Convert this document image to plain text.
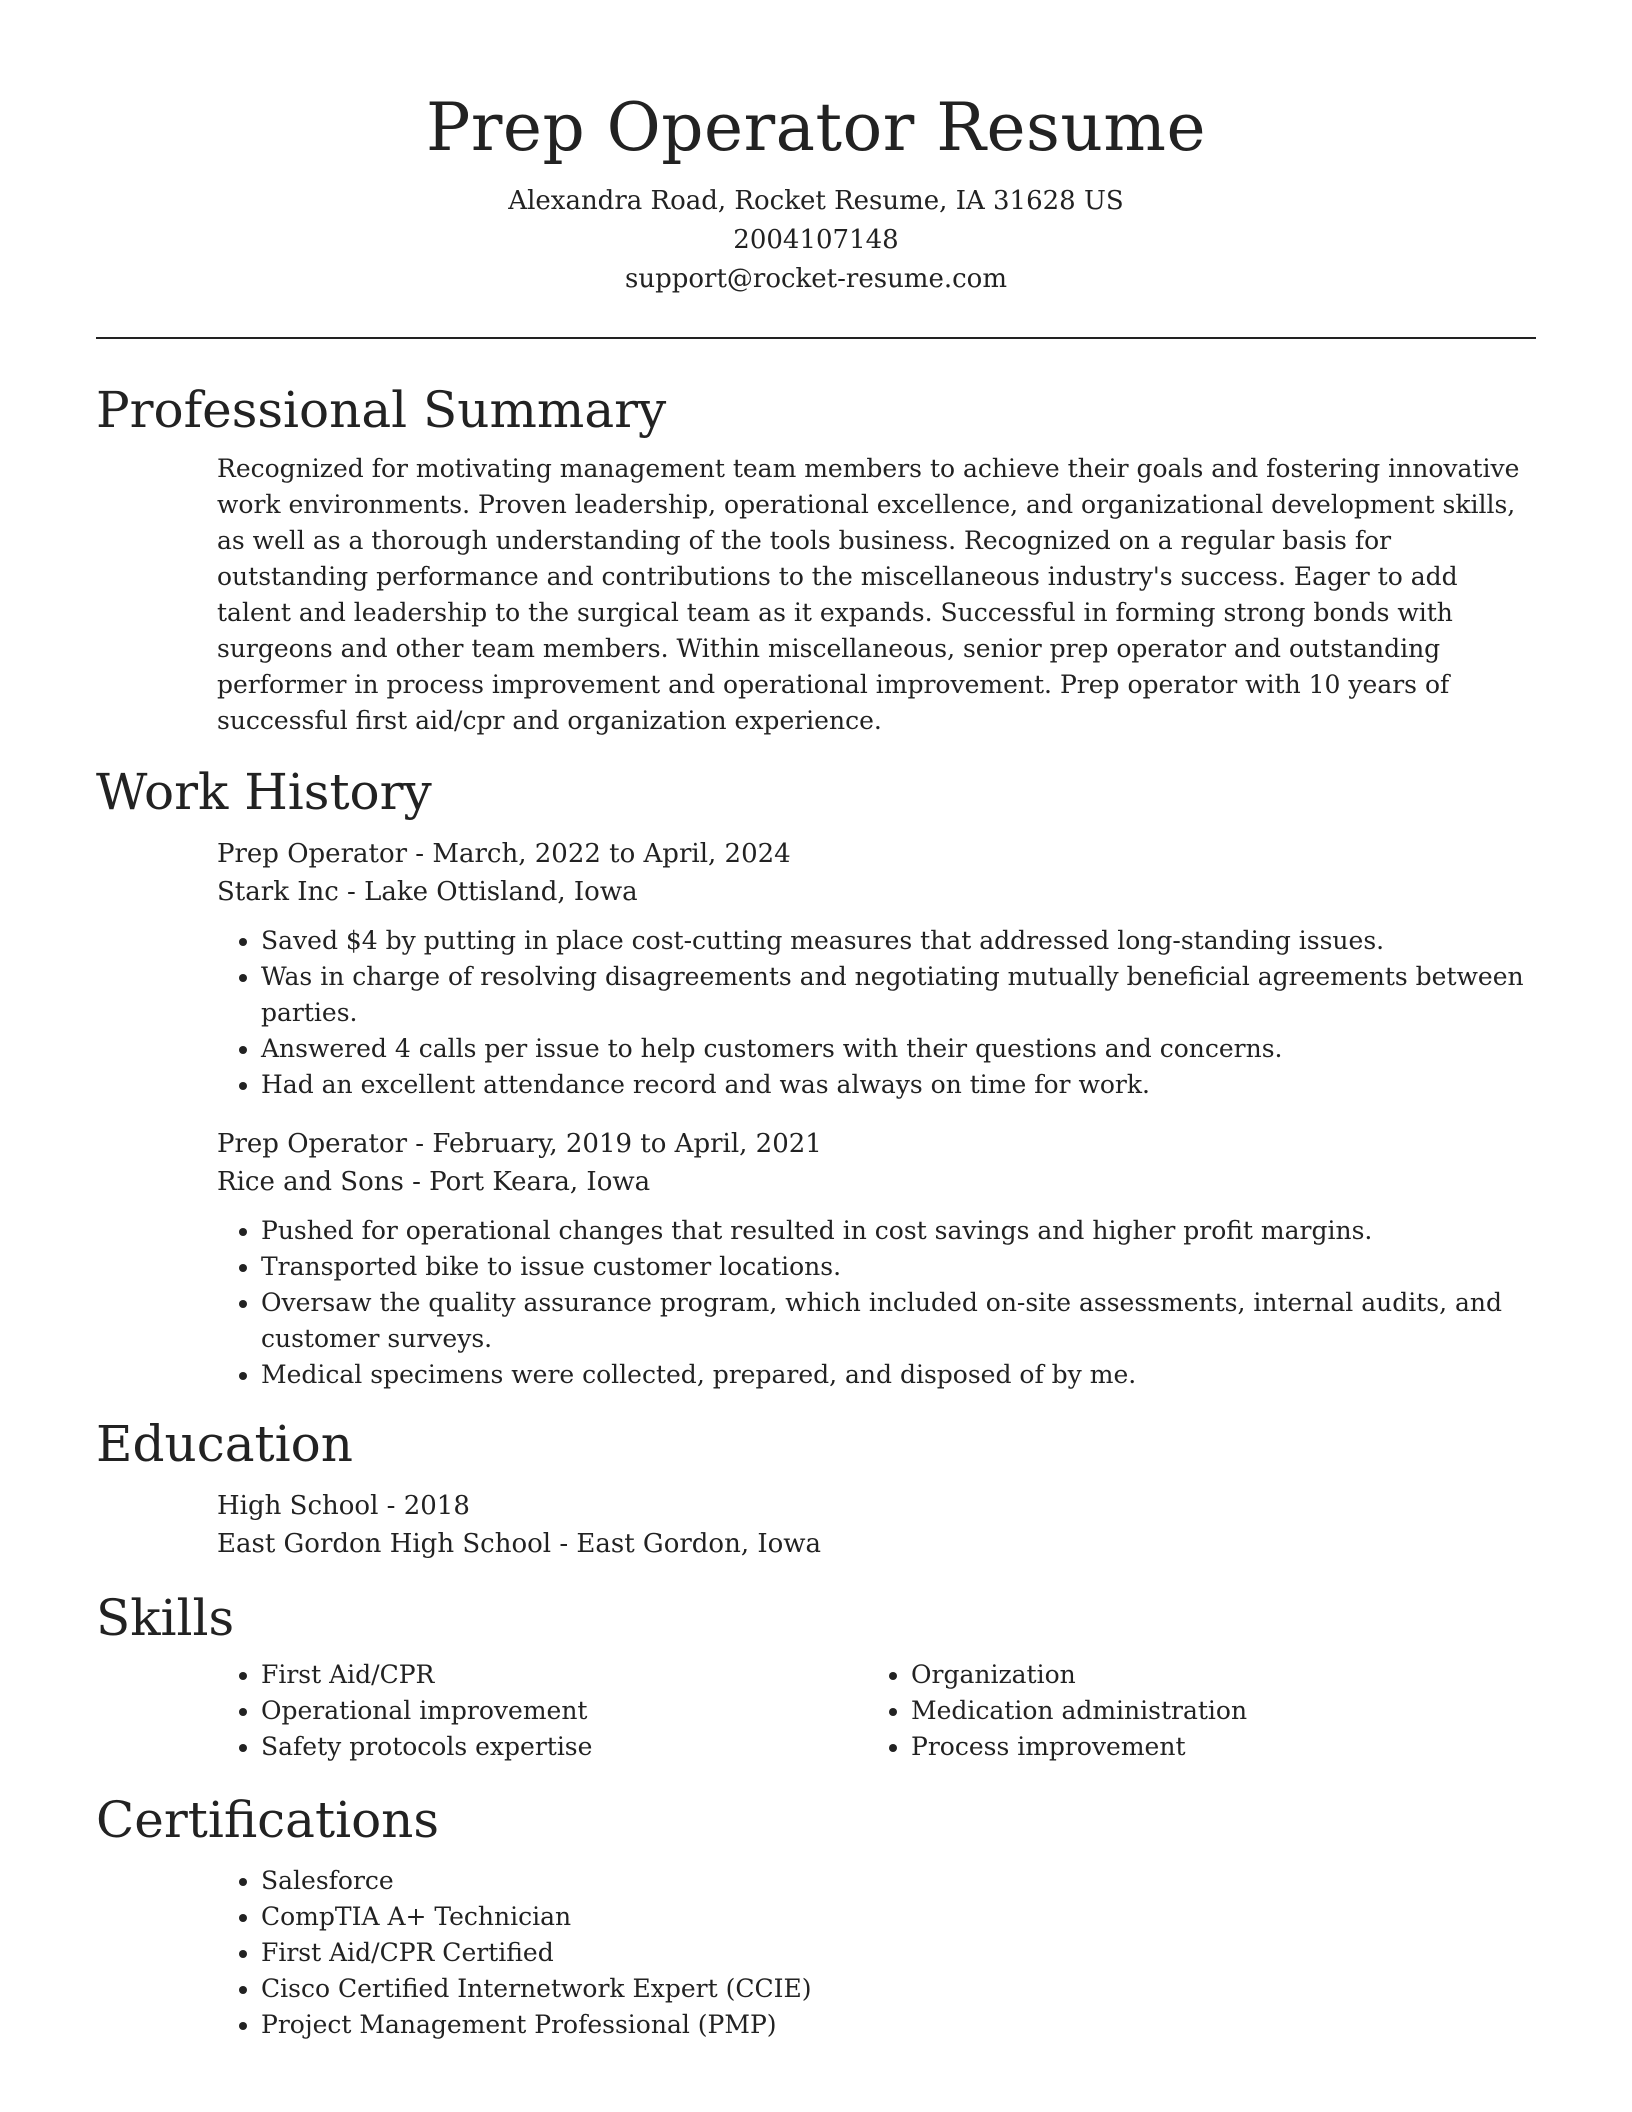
Prep Operator Resume
Alexandra Road, Rocket Resume, IA 31628 US
2004107148
support@rocket-resume.com
Professional Summary

Recognized for motivating management team members to achieve their goals and fostering innovative work environments. Proven leadership, operational excellence, and organizational development skills, as well as a thorough understanding of the tools business. Recognized on a regular basis for outstanding performance and contributions to the miscellaneous industry's success. Eager to add talent and leadership to the surgical team as it expands. Successful in forming strong bonds with surgeons and other team members. Within miscellaneous, senior prep operator and outstanding performer in process improvement and operational improvement. Prep operator with 10 years of successful first aid/cpr and organization experience.

Work History
Prep Operator - March, 2022 to April, 2024
Stark Inc - Lake Ottisland, Iowa
• Saved $4 by putting in place cost-cutting measures that addressed long-standing issues.
• Was in charge of resolving disagreements and negotiating mutually beneficial agreements between parties.
• Answered 4 calls per issue to help customers with their questions and concerns.
• Had an excellent attendance record and was always on time for work.
Prep Operator - February, 2019 to April, 2021
Rice and Sons - Port Keara, Iowa
• Pushed for operational changes that resulted in cost savings and higher profit margins.
• Transported bike to issue customer locations.
• Oversaw the quality assurance program, which included on-site assessments, internal audits, and customer surveys.
• Medical specimens were collected, prepared, and disposed of by me.
Education
High School - 2018
East Gordon High School - East Gordon, Iowa
Skills
• First Aid/CPR
• Operational improvement
• Safety protocols expertise
• Organization
• Medication administration
• Process improvement
Certifications
• Salesforce
• CompTIA A+ Technician
• First Aid/CPR Certified
• Cisco Certified Internetwork Expert (CCIE)
• Project Management Professional (PMP)
